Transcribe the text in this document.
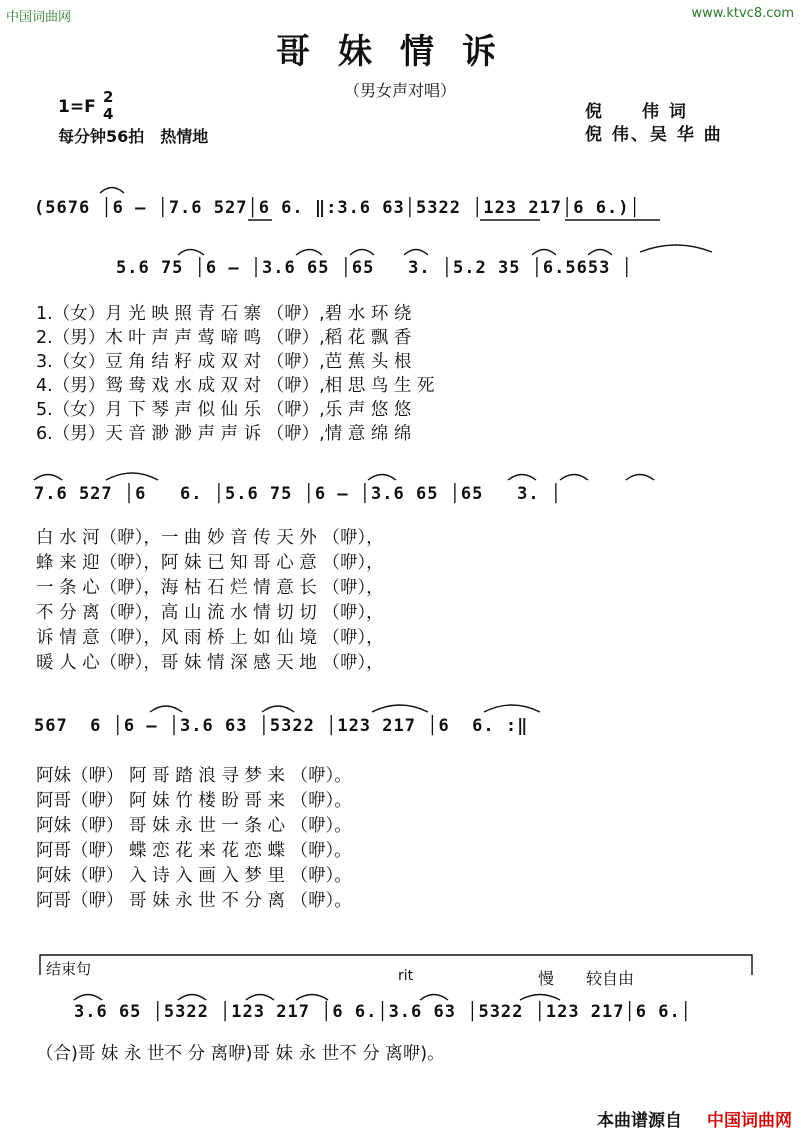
中国词曲网	www.ktvc8.com
哥妹情诉
（男女声对唱）
1=F 2
4
每分钟56拍　热情地
倪　　伟 词
倪 伟、吴 华 曲
(5676 │6 – │7.6 527│6 6. ‖:3.6 63│5322 │123 217│6 6.)│
5.6 75 │6 – │3.6 65 │65   3. │5.2 35 │6.5653 │
1.（女）月 光 映 照 青 石 寨 （咿）,碧 水 环 绕
2.（男）木 叶 声 声 莺 啼 鸣 （咿）,稻 花 飘 香
3.（女）豆 角 结 籽 成 双 对 （咿）,芭 蕉 头 根
4.（男）鸳 鸯 戏 水 成 双 对 （咿）,相 思 鸟 生 死
5.（女）月 下 琴 声 似 仙 乐 （咿）,乐 声 悠 悠
6.（男）天 音 渺 渺 声 声 诉 （咿）,情 意 绵 绵
7.6 527 │6   6. │5.6 75 │6 – │3.6 65 │65   3. │
白 水 河（咿），一 曲 妙 音 传 天 外 （咿），
蜂 来 迎（咿），阿 妹 已 知 哥 心 意 （咿），
一 条 心（咿），海 枯 石 烂 情 意 长 （咿），
不 分 离（咿），高 山 流 水 情 切 切 （咿），
诉 情 意（咿），风 雨 桥 上 如 仙 境 （咿），
暖 人 心（咿），哥 妹 情 深 感 天 地 （咿），
567  6 │6 – │3.6 63 │5322 │123 217 │6  6. :‖
阿妹（咿） 阿 哥 踏 浪 寻 梦 来 （咿）。
阿哥（咿） 阿 妹 竹 楼 盼 哥 来 （咿）。
阿妹（咿） 哥 妹 永 世 一 条 心 （咿）。
阿哥（咿） 蝶 恋 花 来 花 恋 蝶 （咿）。
阿妹（咿） 入 诗 入 画 入 梦 里 （咿）。
阿哥（咿） 哥 妹 永 世 不 分 离 （咿）。
结束句	rit	慢 较自由
3.6 65 │5322 │123 217 │6 6.│3.6 63 │5322 │123 217│6 6.│
（合)哥 妹 永 世不 分 离咿)哥 妹 永 世不 分 离咿)。
本曲谱源自 中国词曲网
